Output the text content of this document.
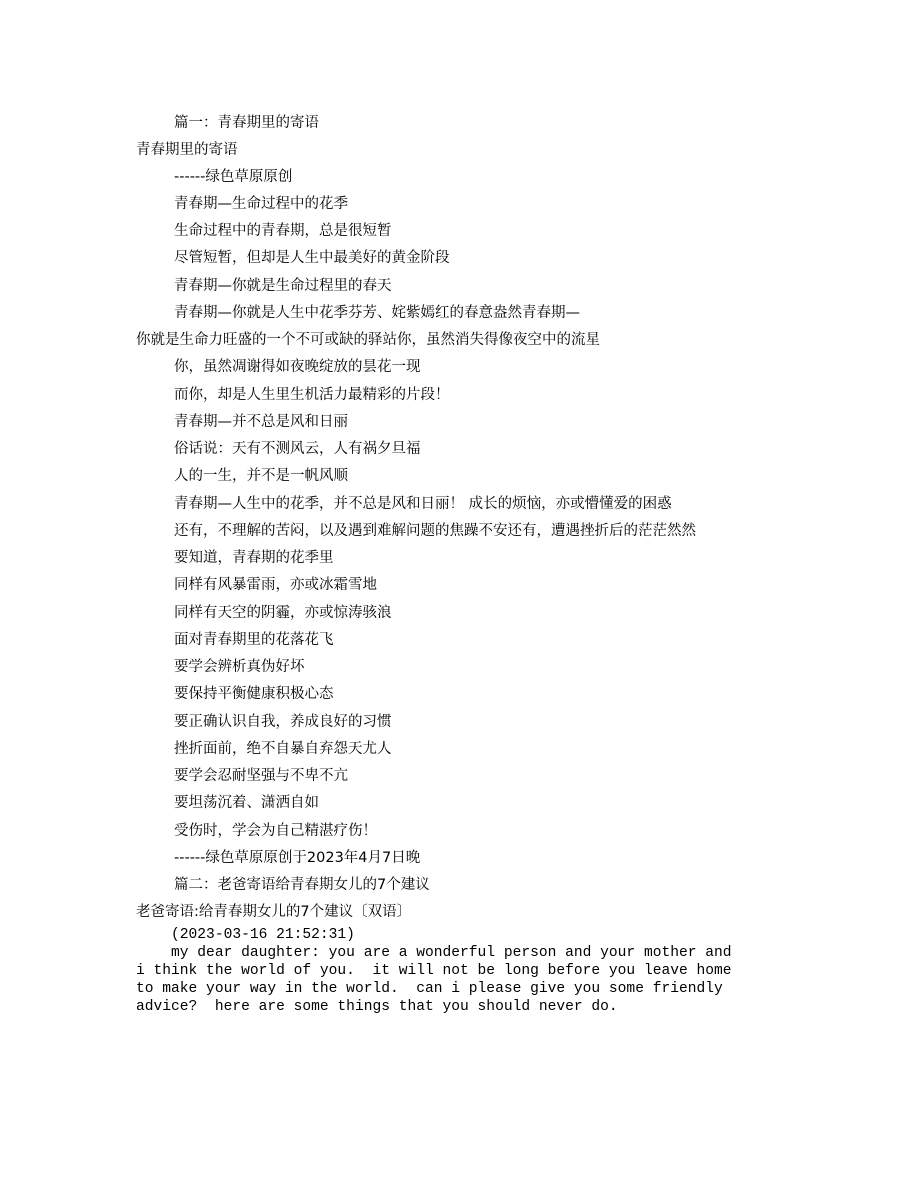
篇一：青春期里的寄语
青春期里的寄语
------绿色草原原创
青春期—生命过程中的花季
生命过程中的青春期，总是很短暂
尽管短暂，但却是人生中最美好的黄金阶段
青春期—你就是生命过程里的春天
青春期—你就是人生中花季芬芳、姹紫嫣红的春意盎然青春期—
你就是生命力旺盛的一个不可或缺的驿站你，虽然消失得像夜空中的流星
你，虽然凋谢得如夜晚绽放的昙花一现
而你，却是人生里生机活力最精彩的片段！
青春期—并不总是风和日丽
俗话说：天有不测风云，人有祸夕旦福
人的一生，并不是一帆风顺
青春期—人生中的花季，并不总是风和日丽！ 成长的烦恼，亦或懵懂爱的困惑
还有，不理解的苦闷，以及遇到难解问题的焦躁不安还有，遭遇挫折后的茫茫然然
要知道，青春期的花季里
同样有风暴雷雨，亦或冰霜雪地
同样有天空的阴霾，亦或惊涛骇浪
面对青春期里的花落花飞
要学会辨析真伪好坏
要保持平衡健康积极心态
要正确认识自我，养成良好的习惯
挫折面前，绝不自暴自弃怨天尤人
要学会忍耐坚强与不卑不亢
要坦荡沉着、潇洒自如
受伤时，学会为自己精湛疗伤！
------绿色草原原创于2023年4月7日晚
篇二：老爸寄语给青春期女儿的7个建议
老爸寄语:给青春期女儿的7个建议〔双语〕
(2023-03-16 21:52:31)
my dear daughter: you are a wonderful person and your mother and
i think the world of you.  it will not be long before you leave home
to make your way in the world.  can i please give you some friendly
advice?  here are some things that you should never do.
